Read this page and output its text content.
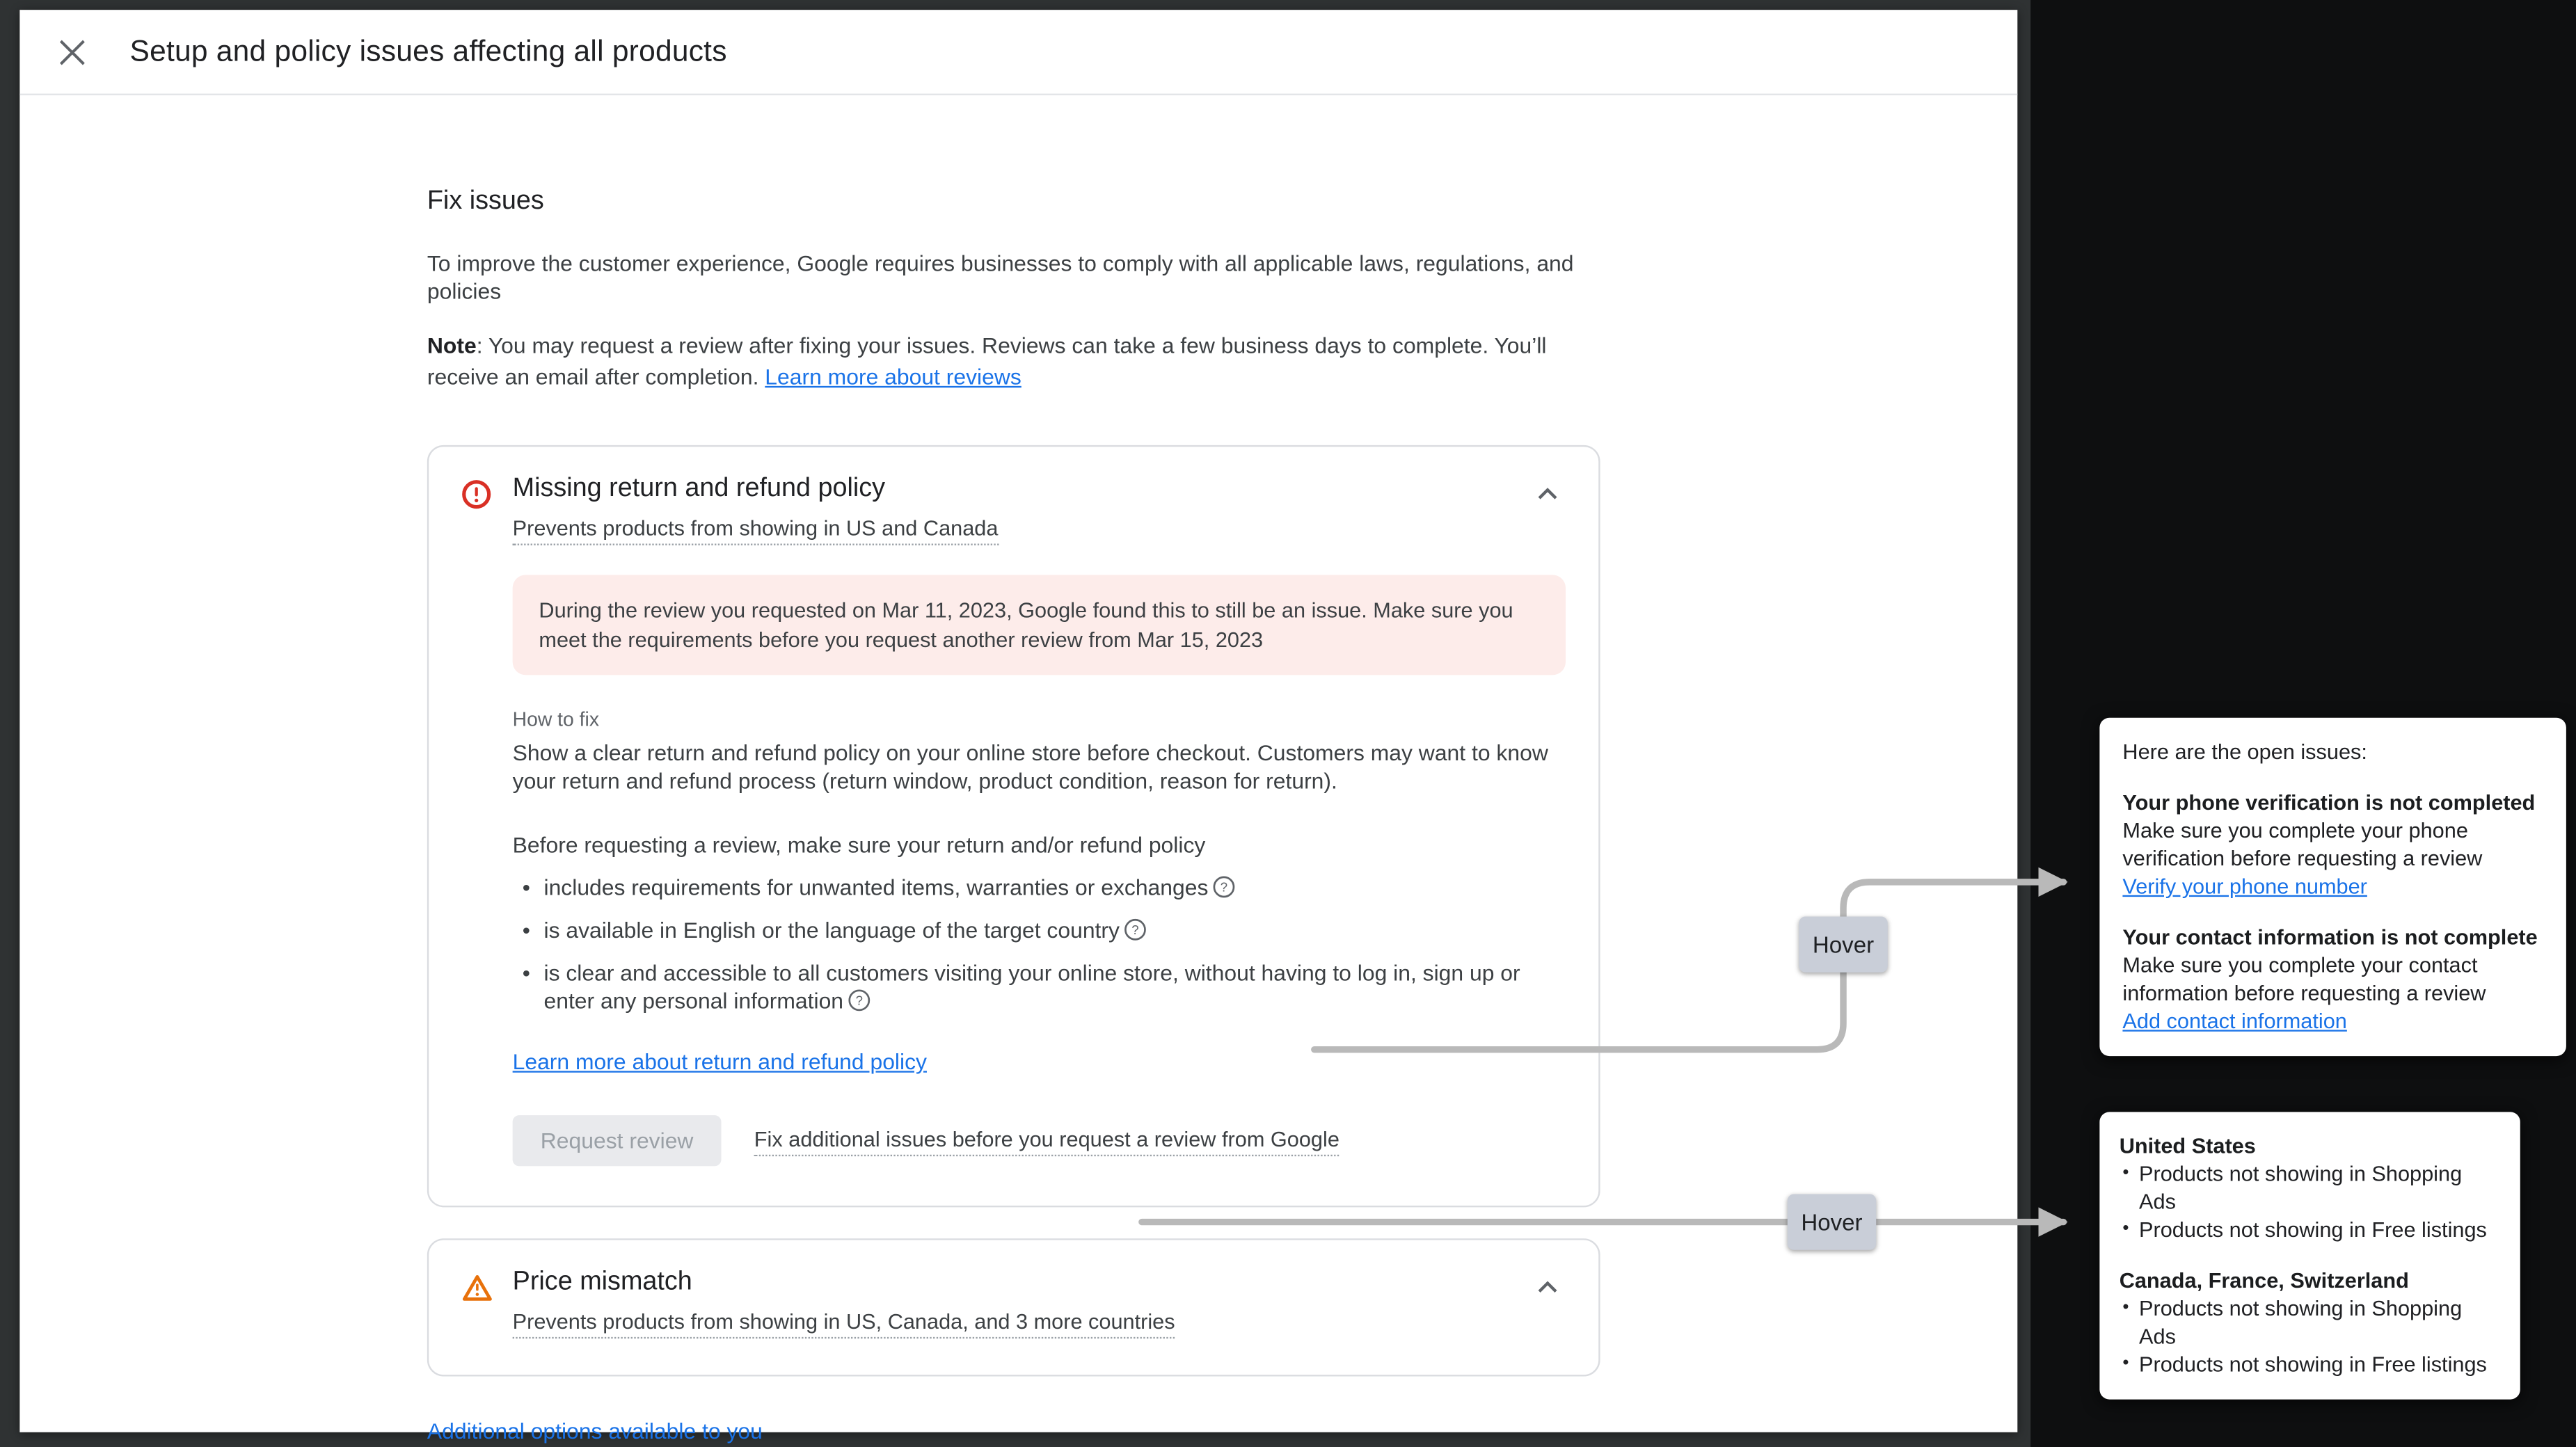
Setup and policy issues affecting all products
Fix issues

To improve the customer experience, Google requires businesses to comply with all applicable laws, regulations, and policies

Note: You may request a review after fixing your issues. Reviews can take a few business days to complete. You’ll receive an email after completion. Learn more about reviews

Missing return and refund policy
Prevents products from showing in US and Canada
During the review you requested on Mar 11, 2023, Google found this to still be an issue. Make sure you meet the requirements before you request another review from Mar 15, 2023
How to fix
Show a clear return and refund policy on your online store before checkout. Customers may want to know your return and refund process (return window, product condition, reason for return).
Before requesting a review, make sure your return and/or refund policy
• includes requirements for unwanted items, warranties or exchanges ?
• is available in English or the language of the target country ?
• is clear and accessible to all customers visiting your online store, without having to log in, sign up or enter any personal information ?
Learn more about return and refund policy
Request review	Fix additional issues before you request a review from Google
Price mismatch
Prevents products from showing in US, Canada, and 3 more countries
Additional options available to you
Hover
Hover
Here are the open issues:
Your phone verification is not completed
Make sure you complete your phone verification before requesting a review
Verify your phone number
Your contact information is not complete
Make sure you complete your contact information before requesting a review
Add contact information
United States
• Products not showing in Shopping Ads
• Products not showing in Free listings
Canada, France, Switzerland
• Products not showing in Shopping Ads
• Products not showing in Free listings
